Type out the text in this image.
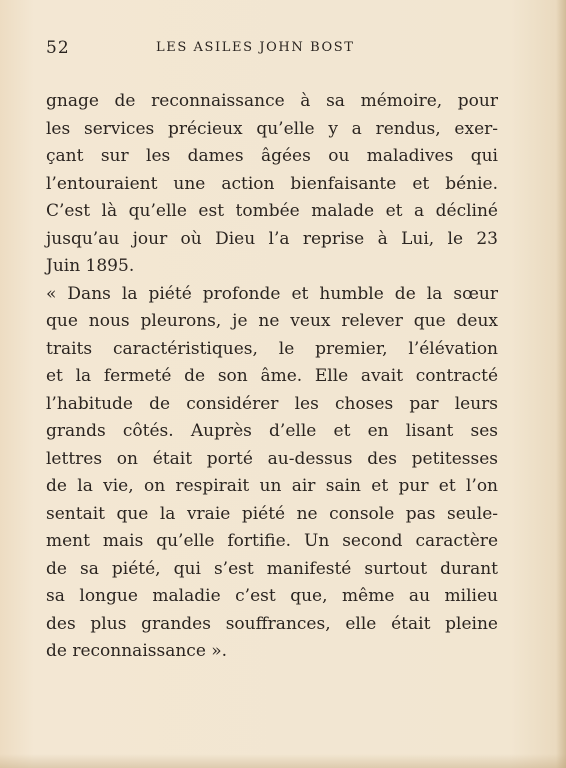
52	LES ASILES JOHN BOST
gnage de reconnaissance à sa mémoire, pour
les services précieux qu’elle y a rendus, exer-
çant sur les dames âgées ou maladives qui
l’entouraient une action bienfaisante et bénie.
C’est là qu’elle est tombée malade et a décliné
jusqu’au jour où Dieu l’a reprise à Lui, le 23
Juin 1895.
« Dans la piété profonde et humble de la sœur
que nous pleurons, je ne veux relever que deux
traits caractéristiques, le premier, l’élévation
et la fermeté de son âme. Elle avait contracté
l’habitude de considérer les choses par leurs
grands côtés. Auprès d’elle et en lisant ses
lettres on était porté au-dessus des petitesses
de la vie, on respirait un air sain et pur et l’on
sentait que la vraie piété ne console pas seule-
ment mais qu’elle fortifie. Un second caractère
de sa piété, qui s’est manifesté surtout durant
sa longue maladie c’est que, même au milieu
des plus grandes souffrances, elle était pleine
de reconnaissance ».
